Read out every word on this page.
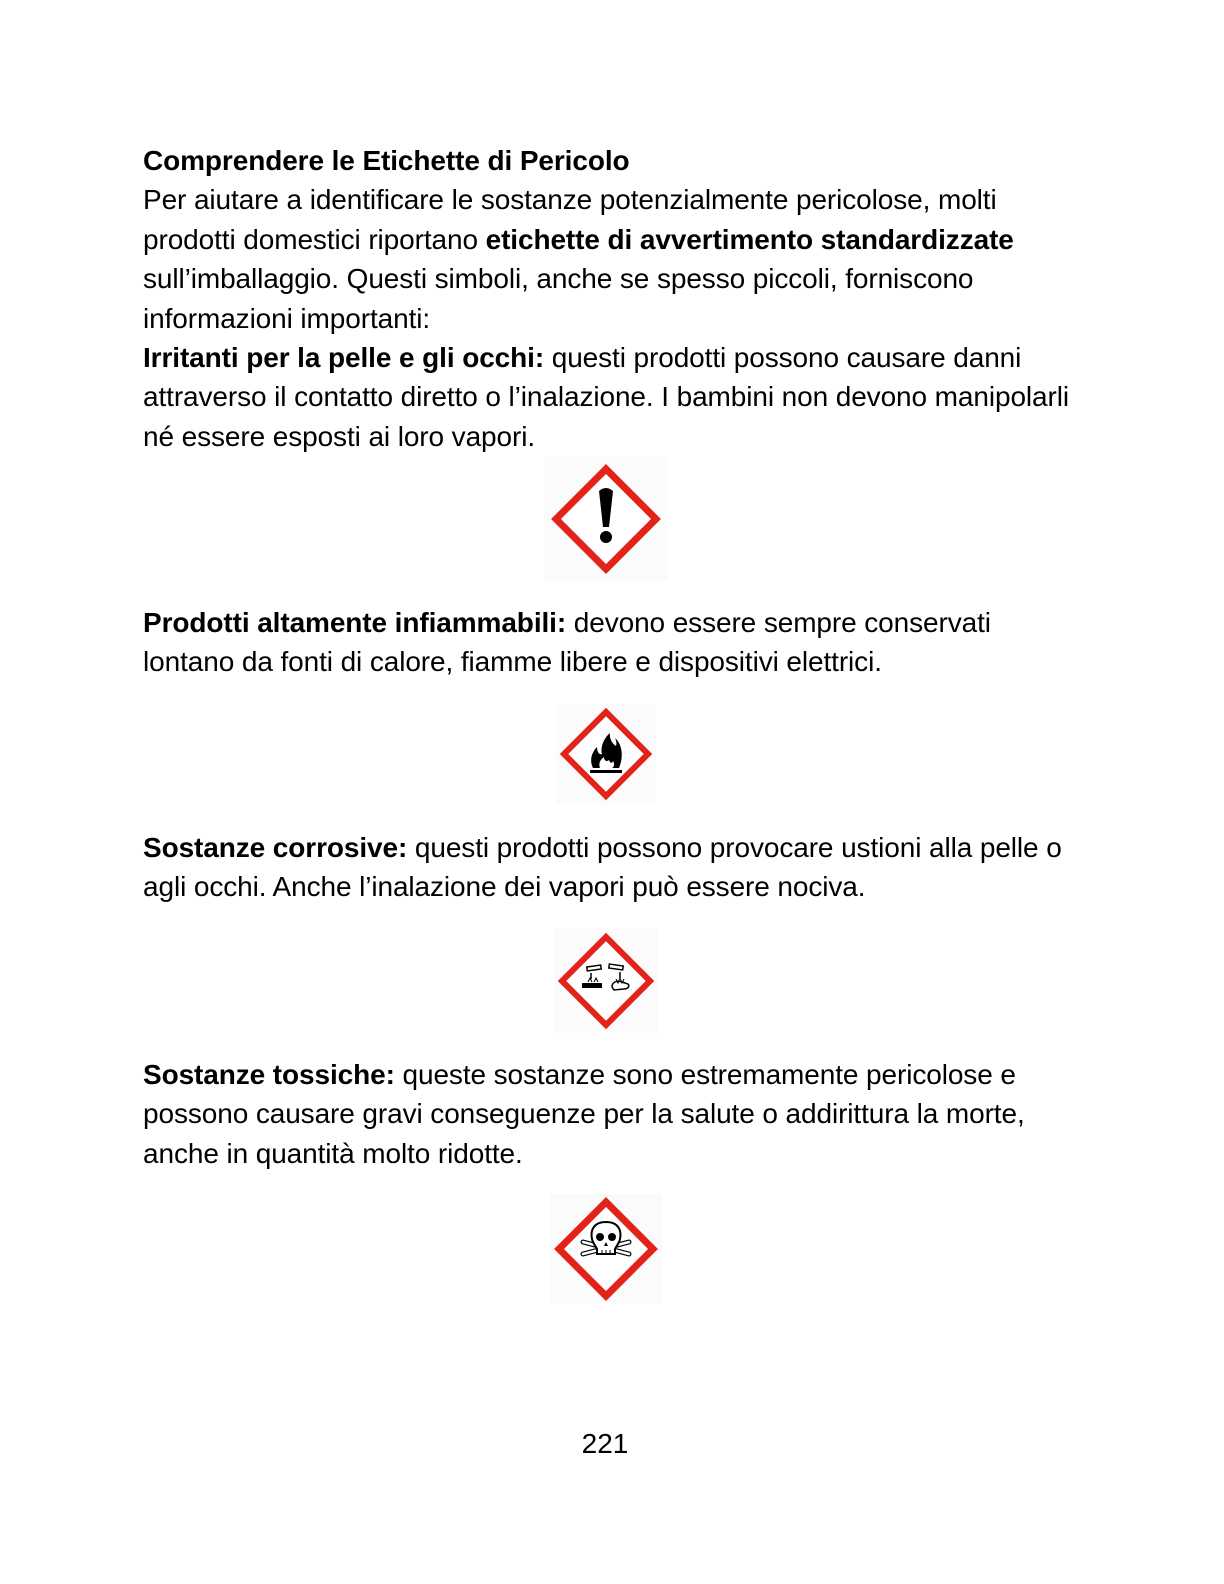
Comprendere le Etichette di Pericolo

Per aiutare a identificare le sostanze potenzialmente pericolose, molti prodotti domestici riportano etichette di avvertimento standardizzate sull’imballaggio. Questi simboli, anche se spesso piccoli, forniscono informazioni importanti:

Irritanti per la pelle e gli occhi: questi prodotti possono causare danni attraverso il contatto diretto o l’inalazione. I bambini non devono manipolarli né essere esposti ai loro vapori.

Prodotti altamente infiammabili: devono essere sempre conservati lontano da fonti di calore, fiamme libere e dispositivi elettrici.

Sostanze corrosive: questi prodotti possono provocare ustioni alla pelle o agli occhi. Anche l’inalazione dei vapori può essere nociva.

Sostanze tossiche: queste sostanze sono estremamente pericolose e possono causare gravi conseguenze per la salute o addirittura la morte, anche in quantità molto ridotte.

221
